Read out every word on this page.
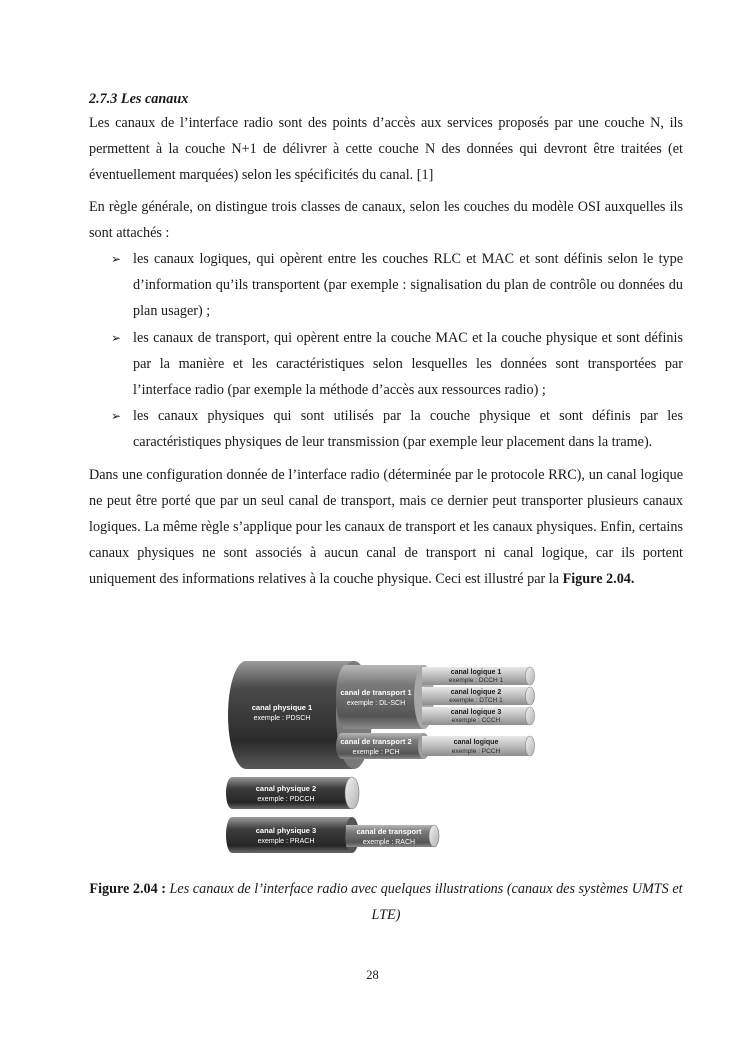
2.7.3 Les canaux

Les canaux de l’interface radio sont des points d’accès aux services proposés par une couche N, ils permettent à la couche N+1 de délivrer à cette couche N des données qui devront être traitées (et éventuellement marquées) selon les spécificités du canal. [1]

En règle générale, on distingue trois classes de canaux, selon les couches du modèle OSI auxquelles ils sont attachés :

➢ les canaux logiques, qui opèrent entre les couches RLC et MAC et sont définis selon le type d’information qu’ils transportent (par exemple : signalisation du plan de contrôle ou données du plan usager) ;
➢ les canaux de transport, qui opèrent entre la couche MAC et la couche physique et sont définis par la manière et les caractéristiques selon lesquelles les données sont transportées par l’interface radio (par exemple la méthode d’accès aux ressources radio) ;
➢ les canaux physiques qui sont utilisés par la couche physique et sont définis par les caractéristiques physiques de leur transmission (par exemple leur placement dans la trame).

Dans une configuration donnée de l’interface radio (déterminée par le protocole RRC), un canal logique ne peut être porté que par un seul canal de transport, mais ce dernier peut transporter plusieurs canaux logiques. La même règle s’applique pour les canaux de transport et les canaux physiques. Enfin, certains canaux physiques ne sont associés à aucun canal de transport ni canal logique, car ils portent uniquement des informations relatives à la couche physique. Ceci est illustré par la Figure 2.04.

canal physique 1
exemple : PDSCH
canal de transport 1
exemple : DL-SCH
canal logique 1
exemple : DCCH 1
canal logique 2
exemple : DTCH 1
canal logique 3
exemple : CCCH
canal de transport 2
exemple : PCH
canal logique
exemple : PCCH
canal physique 2
exemple : PDCCH
canal physique 3
exemple : PRACH
canal de transport
exemple : RACH
Figure 2.04 : Les canaux de l’interface radio avec quelques illustrations (canaux des systèmes UMTS et LTE)
28
